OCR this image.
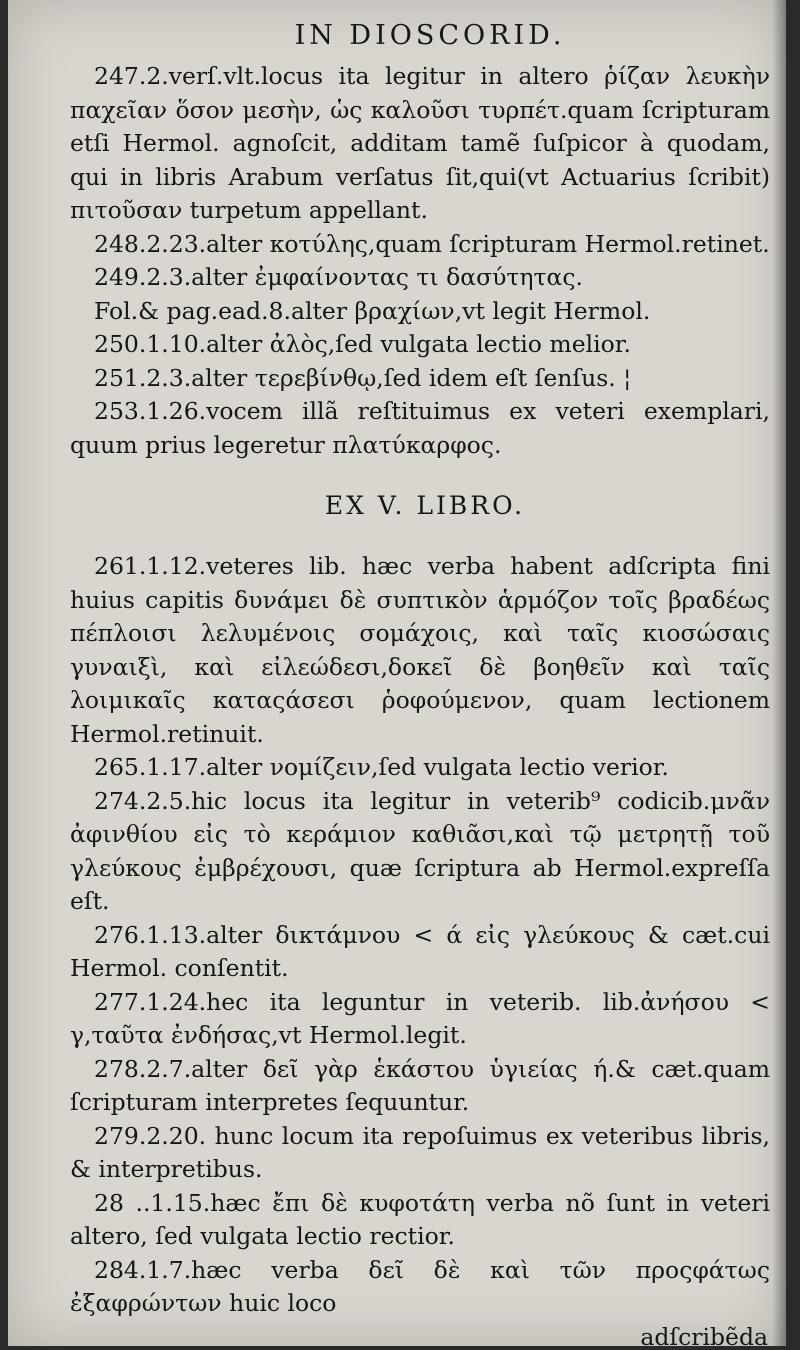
IN DIOSCORID.

247.2.verſ.vlt.locus ita legitur in altero ῥίζαν λευκὴν παχεῖαν ὅσον μεσὴν, ὡς καλοῦσι τυρπέτ.quam ſcripturam etſi Hermol. agnoſcit, additam tamẽ ſuſpicor à quodam, qui in libris Arabum verſatus ſit,qui(vt Actuarius ſcribit) πιτοῦσαν turpetum appellant.

248.2.23.alter κοτύλης,quam ſcripturam Hermol.retinet.

249.2.3.alter ἐμφαίνοντας τι δασύτητας.

Fol.& pag.ead.8.alter βραχίων,vt legit Hermol.

250.1.10.alter ἀλὸς,ſed vulgata lectio melior.

251.2.3.alter τερεβίνθῳ,ſed idem eſt ſenſus. ¦

253.1.26.vocem illã reſtituimus ex veteri exemplari, quum prius legeretur πλατύκαρφος.

EX V. LIBRO.

261.1.12.veteres lib. hæc verba habent adſcripta fini huius capitis δυνάμει δὲ συπτικὸν ἁρμόζον τοῖς βραδέως πέπλοισι λελυμένοις σομάχοις, καὶ ταῖς κιοσώσαις γυναιξὶ, καὶ εἰλεώδεσι,δοκεῖ δὲ βοηθεῖν καὶ ταῖς λοιμικαῖς καταςάσεσι ῥοφούμενον, quam lectionem Hermol.retinuit.

265.1.17.alter νομίζειν,ſed vulgata lectio verior.

274.2.5.hic locus ita legitur in veterib⁹ codicib.μνᾶν ἀφινθίου εἰς τὸ κεράμιον καθιᾶσι,καὶ τῷ μετρητῇ τοῦ γλεύκους ἐμβρέχουσι, quæ ſcriptura ab Hermol.expreſſa eſt.

276.1.13.alter δικτάμνου < ά εἰς γλεύκους & cæt.cui Hermol. conſentit.

277.1.24.hec ita leguntur in veterib. lib.ἀνήσου < γ,ταῦτα ἐνδήσας,vt Hermol.legit.

278.2.7.alter δεῖ γὰρ ἑκάστου ὑγιείας ή.& cæt.quam ſcripturam interpretes ſequuntur.

279.2.20. hunc locum ita repoſuimus ex veteribus libris, & interpretibus.

28 ..1.15.hæc ἔπι δὲ κυφοτάτη verba nõ ſunt in veteri altero, ſed vulgata lectio rectior.

284.1.7.hæc verba δεῖ δὲ καὶ τῶν προςφάτως ἐξαφρώντων huic loco

adſcribẽda
